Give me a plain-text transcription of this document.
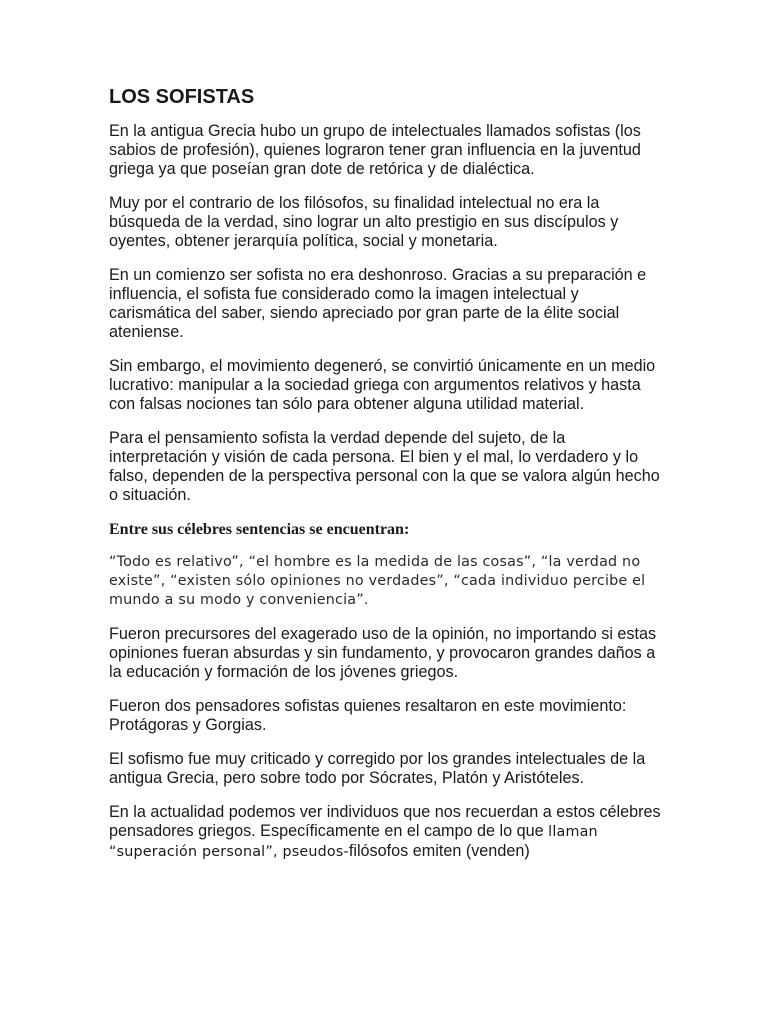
LOS SOFISTAS

En la antigua Grecia hubo un grupo de intelectuales llamados sofistas (los sabios de profesión), quienes lograron tener gran influencia en la juventud griega ya que poseían gran dote de retórica y de dialéctica.

Muy por el contrario de los filósofos, su finalidad intelectual no era la búsqueda de la verdad, sino lograr un alto prestigio en sus discípulos y oyentes, obtener jerarquía política, social y monetaria.

En un comienzo ser sofista no era deshonroso. Gracias a su preparación e influencia, el sofista fue considerado como la imagen intelectual y carismática del saber, siendo apreciado por gran parte de la élite social ateniense.

Sin embargo, el movimiento degeneró, se convirtió únicamente en un medio lucrativo: manipular a la sociedad griega con argumentos relativos y hasta con falsas nociones tan sólo para obtener alguna utilidad material.

Para el pensamiento sofista la verdad depende del sujeto, de la interpretación y visión de cada persona. El bien y el mal, lo verdadero y lo falso, dependen de la perspectiva personal con la que se valora algún hecho o situación.

Entre sus célebres sentencias se encuentran:

“Todo es relativo”, “el hombre es la medida de las cosas”, “la verdad no existe”, “existen sólo opiniones no verdades”, “cada individuo percibe el mundo a su modo y conveniencia”.

Fueron precursores del exagerado uso de la opinión, no importando si estas opiniones fueran absurdas y sin fundamento, y provocaron grandes daños a la educación y formación de los jóvenes griegos.

Fueron dos pensadores sofistas quienes resaltaron en este movimiento: Protágoras y Gorgias.

El sofismo fue muy criticado y corregido por los grandes intelectuales de la antigua Grecia, pero sobre todo por Sócrates, Platón y Aristóteles.

En la actualidad podemos ver individuos que nos recuerdan a estos célebres pensadores griegos. Específicamente en el campo de lo que llaman “superación personal”, pseudos-filósofos emiten (venden)
